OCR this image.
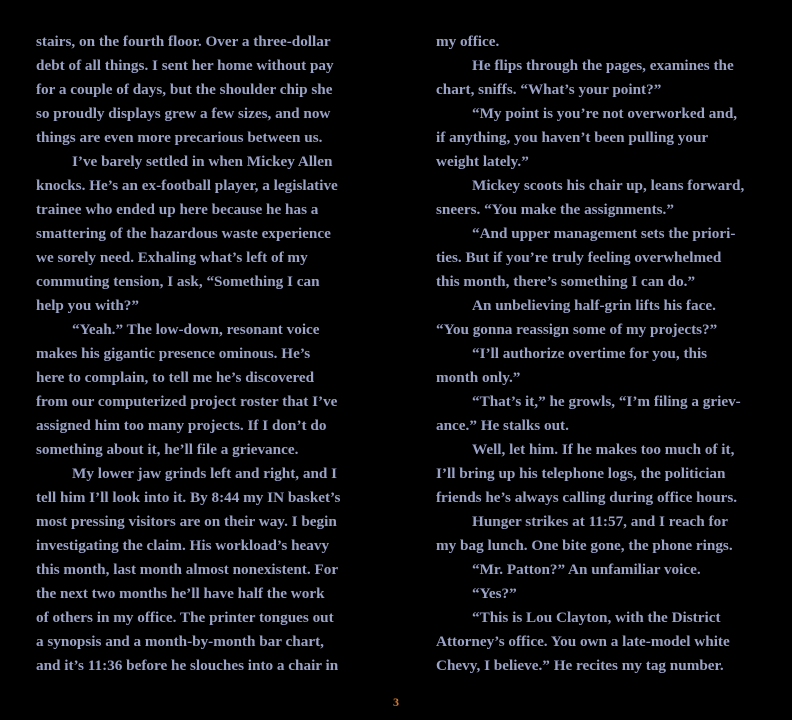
stairs, on the fourth floor. Over a three-dollar
debt of all things. I sent her home without pay
for a couple of days, but the shoulder chip she
so proudly displays grew a few sizes, and now
things are even more precarious between us.
I’ve barely settled in when Mickey Allen
knocks. He’s an ex-football player, a legislative
trainee who ended up here because he has a
smattering of the hazardous waste experience
we sorely need. Exhaling what’s left of my
commuting tension, I ask, “Something I can
help you with?”
“Yeah.” The low-down, resonant voice
makes his gigantic presence ominous. He’s
here to complain, to tell me he’s discovered
from our computerized project roster that I’ve
assigned him too many projects. If I don’t do
something about it, he’ll file a grievance.
My lower jaw grinds left and right, and I
tell him I’ll look into it. By 8:44 my IN basket’s
most pressing visitors are on their way. I begin
investigating the claim. His workload’s heavy
this month, last month almost nonexistent. For
the next two months he’ll have half the work
of others in my office. The printer tongues out
a synopsis and a month-by-month bar chart,
and it’s 11:36 before he slouches into a chair in
my office.
He flips through the pages, examines the
chart, sniffs. “What’s your point?”
“My point is you’re not overworked and,
if anything, you haven’t been pulling your
weight lately.”
Mickey scoots his chair up, leans forward,
sneers. “You make the assignments.”
“And upper management sets the priori-
ties. But if you’re truly feeling overwhelmed
this month, there’s something I can do.”
An unbelieving half-grin lifts his face.
“You gonna reassign some of my projects?”
“I’ll authorize overtime for you, this
month only.”
“That’s it,” he growls, “I’m filing a griev-
ance.” He stalks out.
Well, let him. If he makes too much of it,
I’ll bring up his telephone logs, the politician
friends he’s always calling during office hours.
Hunger strikes at 11:57, and I reach for
my bag lunch. One bite gone, the phone rings.
“Mr. Patton?” An unfamiliar voice.
“Yes?”
“This is Lou Clayton, with the District
Attorney’s office. You own a late-model white
Chevy, I believe.” He recites my tag number.
3
